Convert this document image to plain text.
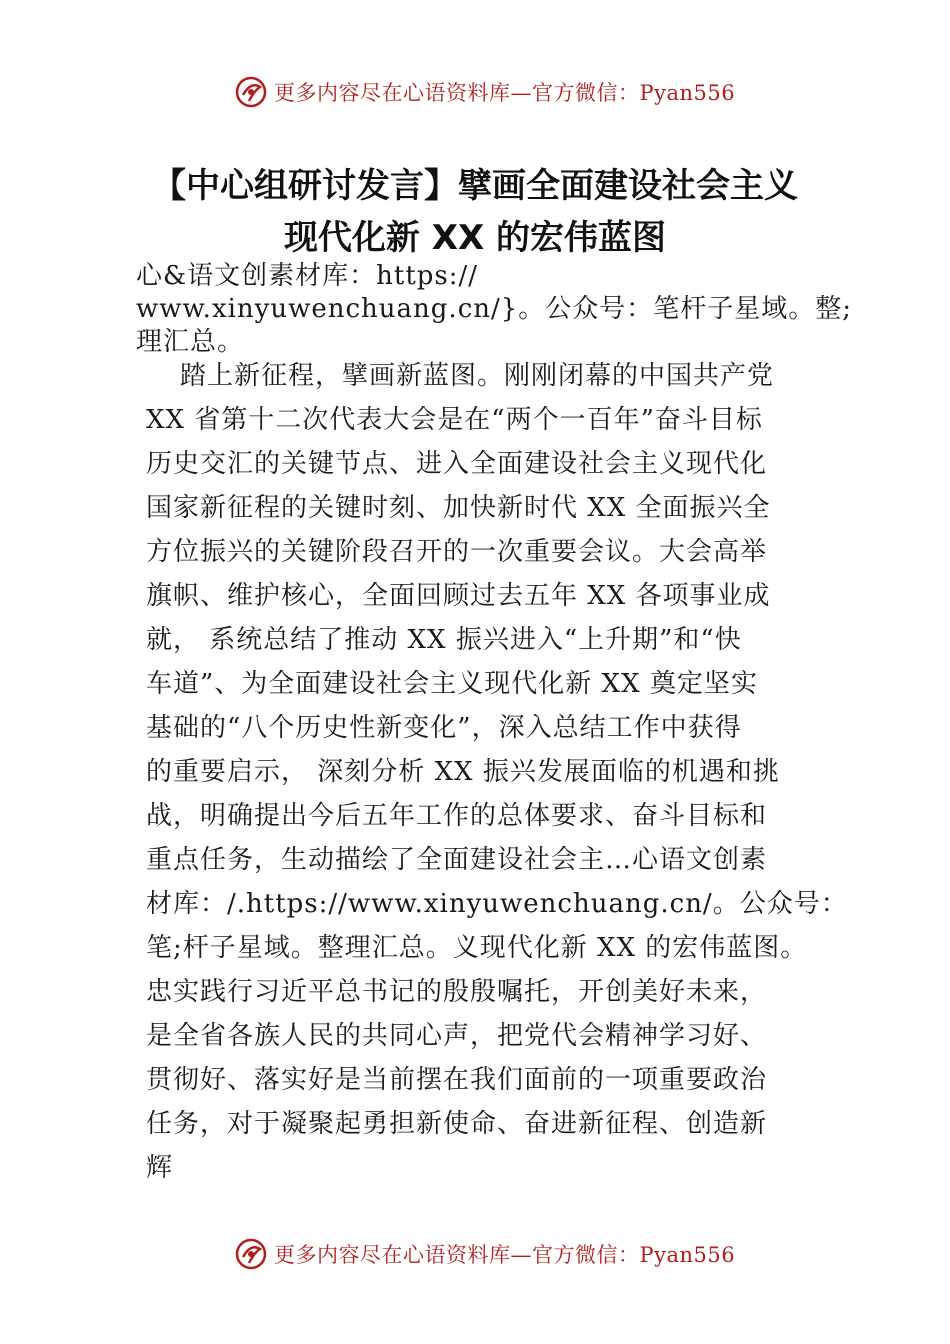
更多内容尽在心语资料库—官方微信：Pyan556
【中心组研讨发言】擘画全面建设社会主义
现代化新 XX 的宏伟蓝图
心&语文创素材库：https://
www.xinyuwenchuang.cn/}。公众号：笔杆子星域。整;
理汇总。
踏上新征程，擘画新蓝图。刚刚闭幕的中国共产党
XX 省第十二次代表大会是在“两个一百年”奋斗目标
历史交汇的关键节点、进入全面建设社会主义现代化
国家新征程的关键时刻、加快新时代 XX 全面振兴全
方位振兴的关键阶段召开的一次重要会议。大会高举
旗帜、维护核心，全面回顾过去五年 XX 各项事业成
就， 系统总结了推动 XX 振兴进入“上升期”和“快
车道”、为全面建设社会主义现代化新 XX 奠定坚实
基础的“八个历史性新变化”，深入总结工作中获得
的重要启示， 深刻分析 XX 振兴发展面临的机遇和挑
战，明确提出今后五年工作的总体要求、奋斗目标和
重点任务，生动描绘了全面建设社会主…心语文创素
材库：/.https://www.xinyuwenchuang.cn/。公众号：
笔;杆子星域。整理汇总。义现代化新 XX 的宏伟蓝图。
忠实践行习近平总书记的殷殷嘱托，开创美好未来，
是全省各族人民的共同心声，把党代会精神学习好、
贯彻好、落实好是当前摆在我们面前的一项重要政治
任务，对于凝聚起勇担新使命、奋进新征程、创造新
辉
更多内容尽在心语资料库—官方微信：Pyan556
